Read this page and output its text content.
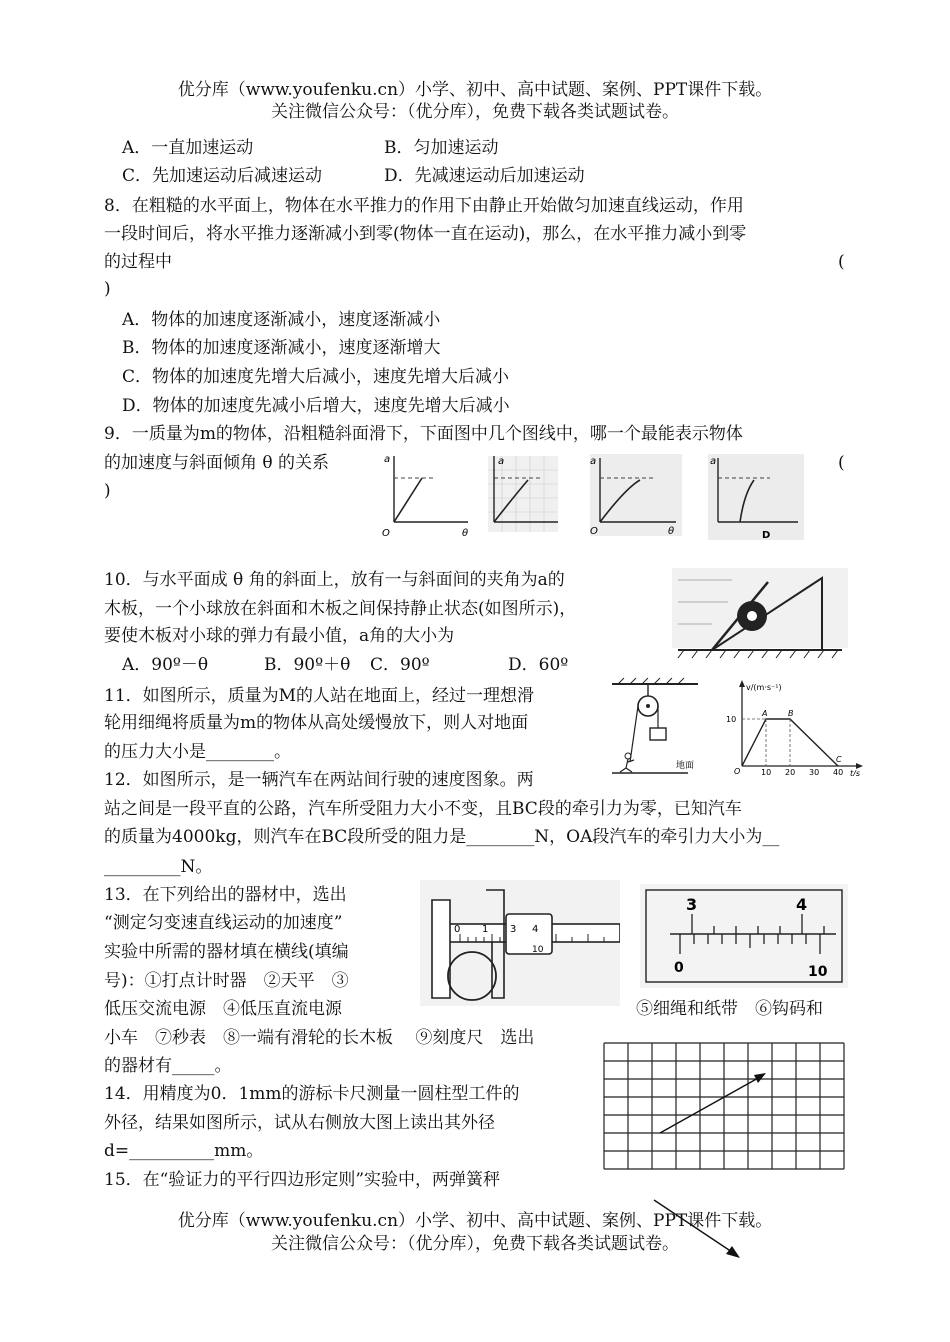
优分库（www.youfenku.cn）小学、初中、高中试题、案例、PPT课件下载。
关注微信公众号：（优分库），免费下载各类试题试卷。
A．一直加速运动	B．匀加速运动
C．先加速运动后减速运动	D．先减速运动后加速运动
8．在粗糙的水平面上，物体在水平推力的作用下由静止开始做匀加速直线运动，作用
一段时间后，将水平推力逐渐减小到零(物体一直在运动)，那么，在水平推力减小到零
的过程中	(
)
A．物体的加速度逐渐减小，速度逐渐减小
B．物体的加速度逐渐减小，速度逐渐增大
C．物体的加速度先增大后减小，速度先增大后减小
D．物体的加速度先减小后增大，速度先增大后减小
9．一质量为m的物体，沿粗糙斜面滑下，下面图中几个图线中，哪一个最能表示物体
的加速度与斜面倾角 θ 的关系	(
)
a
O	θ
a	a
O	θ
a
D
10．与水平面成 θ 角的斜面上，放有一与斜面间的夹角为a的
木板，一个小球放在斜面和木板之间保持静止状态(如图所示)，
要使木板对小球的弹力有最小值，a角的大小为
A．90º－θ	B．90º＋θ C．90º	D．60º
11．如图所示，质量为M的人站在地面上，经过一理想滑
轮用细绳将质量为m的物体从高处缓慢放下，则人对地面
的压力大小是________。
地面
v/(m·s⁻¹)
t/s
10
A	B
C
O	10 20 30 40
12．如图所示，是一辆汽车在两站间行驶的速度图象。两
站之间是一段平直的公路，汽车所受阻力大小不变，且BC段的牵引力为零，已知汽车
的质量为4000kg，则汽车在BC段所受的阻力是________N，OA段汽车的牵引力大小为__
_________N。
13．在下列给出的器材中，选出
“测定匀变速直线运动的加速度”
实验中所需的器材填在横线(填编
号)：①打点计时器　②天平　③
低压交流电源　④低压直流电源	⑤细绳和纸带　⑥钩码和
小车　⑦秒表　⑧一端有滑轮的长木板　 ⑨刻度尺　选出
的器材有_____。
0 1 3 4
10
3	4
0	10
14．用精度为0．1mm的游标卡尺测量一圆柱型工件的
外径，结果如图所示，试从右侧放大图上读出其外径
d=__________mm。
15．在“验证力的平行四边形定则”实验中，两弹簧秤
优分库（www.youfenku.cn）小学、初中、高中试题、案例、PPT课件下载。
关注微信公众号：（优分库），免费下载各类试题试卷。
